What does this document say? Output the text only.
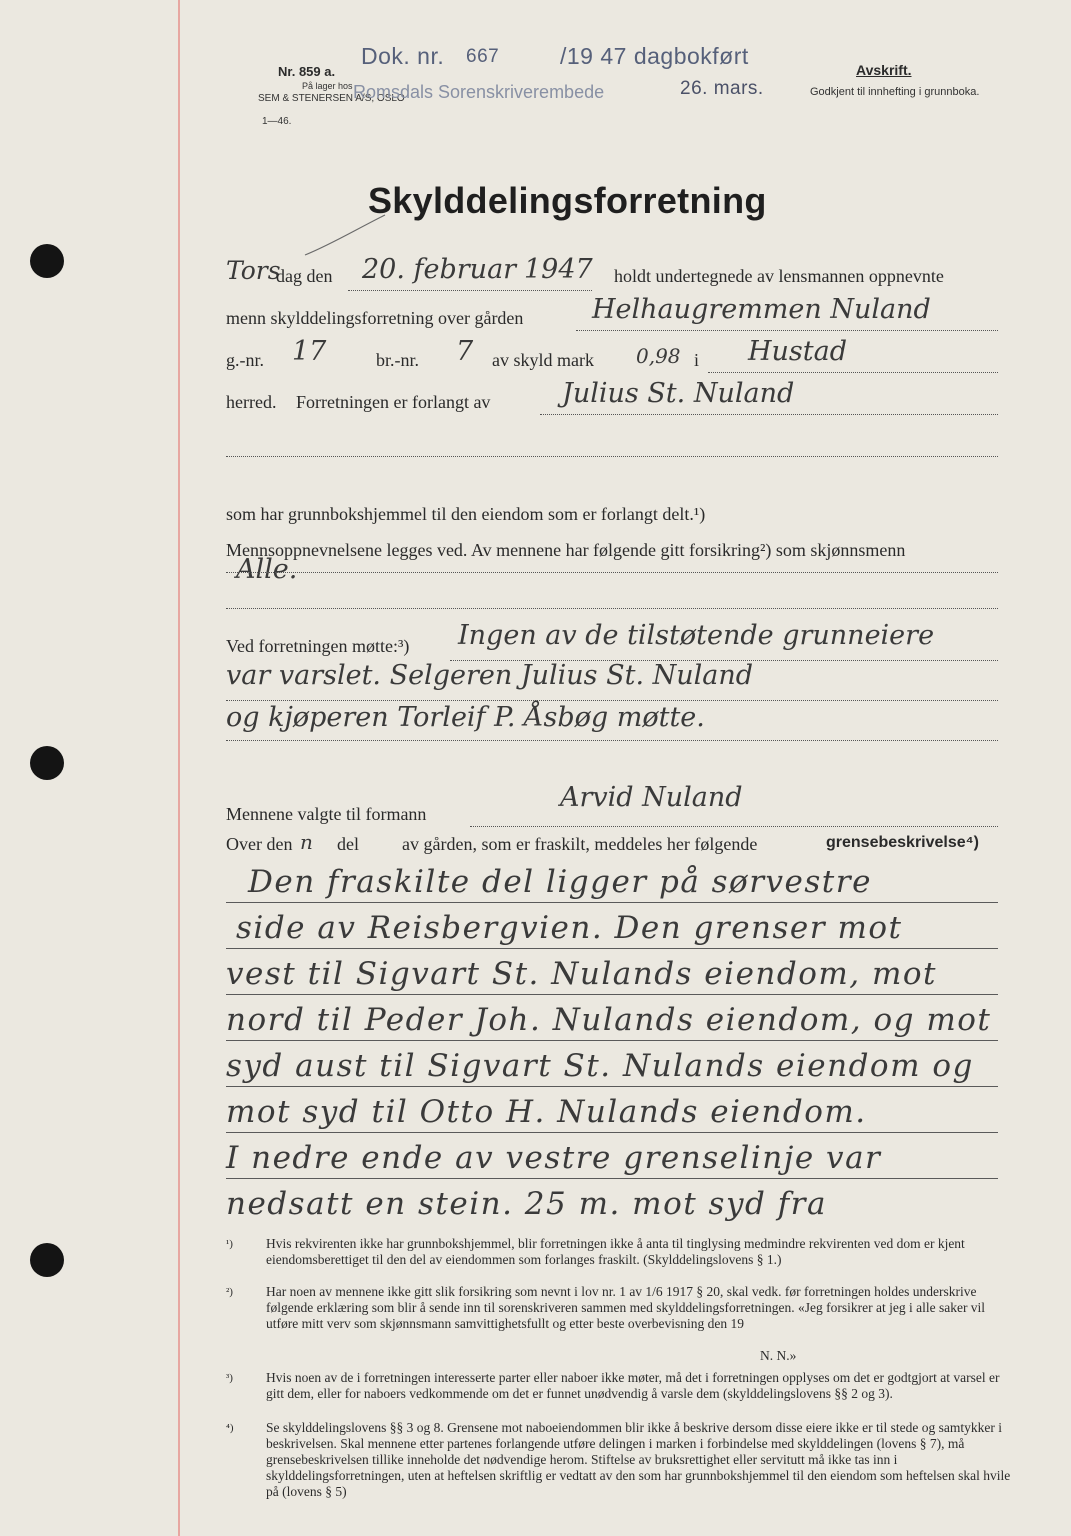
Nr. 859 a.
På lager hos
SEM & STENERSEN A/S, OSLO
1—46.
Dok. nr. 667	/19 47 dagbokført
Romsdals Sorenskriverembede	26. mars.
Avskrift.
Godkjent til innhefting i grunnboka.
Skylddelingsforretning
Tors
dag den 20. februar 1947 holdt undertegnede av lensmannen oppnevnte
menn skylddelingsforretning over gården	Helhaugremmen Nuland
g.-nr. 17	br.-nr. 7 av skyld mark 0,98 i Hustad
herred. Forretningen er forlangt av	Julius St. Nuland
som har grunnbokshjemmel til den eiendom som er forlangt delt.¹)
Mennsoppnevnelsene legges ved. Av mennene har følgende gitt forsikring²) som skjønnsmenn
Alle.
Ved forretningen møtte:³) Ingen av de tilstøtende grunneiere
var varslet. Selgeren Julius St. Nuland
og kjøperen Torleif P. Åsbøg møtte.
Mennene valgte til formann
Arvid Nuland
Over den n del av gården, som er fraskilt, meddeles her følgende	grensebeskrivelse⁴)
Den fraskilte del ligger på sørvestre
side av Reisbergvien. Den grenser mot
vest til Sigvart St. Nulands eiendom, mot
nord til Peder Joh. Nulands eiendom, og mot
syd aust til Sigvart St. Nulands eiendom og
mot syd til Otto H. Nulands eiendom.
I nedre ende av vestre grenselinje var
nedsatt en stein. 25 m. mot syd fra
¹) Hvis rekvirenten ikke har grunnbokshjemmel, blir forretningen ikke å anta til tinglysing medmindre rekvirenten ved dom er kjent eiendomsberettiget til den del av eiendommen som forlanges fraskilt. (Skylddelingslovens § 1.)
²) Har noen av mennene ikke gitt slik forsikring som nevnt i lov nr. 1 av 1/6 1917 § 20, skal vedk. før forretningen holdes underskrive følgende erklæring som blir å sende inn til sorenskriveren sammen med skylddelingsforretningen. «Jeg forsikrer at jeg i alle saker vil utføre mitt verv som skjønnsmann samvittighetsfullt og etter beste overbevisning den 19
N. N.»
³) Hvis noen av de i forretningen interesserte parter eller naboer ikke møter, må det i forretningen opplyses om det er godtgjort at varsel er gitt dem, eller for naboers vedkommende om det er funnet unødvendig å varsle dem (skylddelingslovens §§ 2 og 3).
⁴) Se skylddelingslovens §§ 3 og 8. Grensene mot naboeiendommen blir ikke å beskrive dersom disse eiere ikke er til stede og samtykker i beskrivelsen. Skal mennene etter partenes forlangende utføre delingen i marken i forbindelse med skylddelingen (lovens § 7), må grensebeskrivelsen tillike inneholde det nødvendige herom. Stiftelse av bruksrettighet eller servitutt må ikke tas inn i skylddelingsforretningen, uten at heftelsen skriftlig er vedtatt av den som har grunnbokshjemmel til den eiendom som heftelsen skal hvile på (lovens § 5)
